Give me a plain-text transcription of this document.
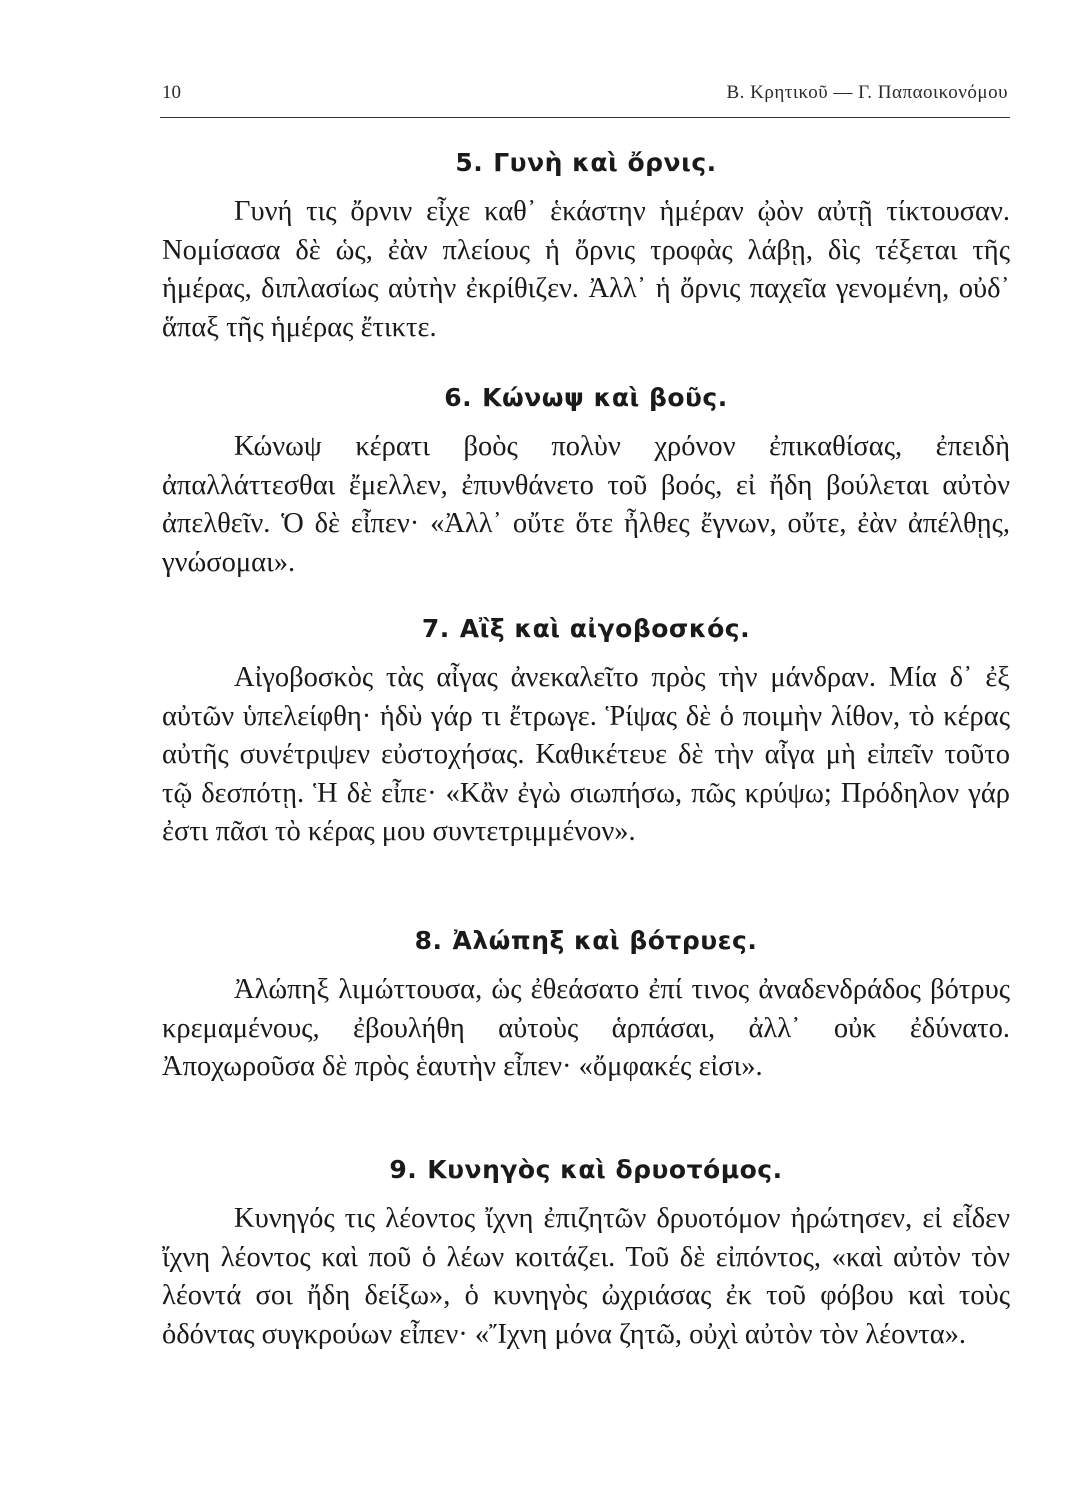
10	Β. Κρητικοῦ — Γ. Παπαοικονόμου
5. Γυνὴ καὶ ὄρνις.

Γυνή τις ὄρνιν εἶχε καθ᾽ ἑκάστην ἡμέραν ᾠὸν αὐτῇ τίκτουσαν. Νομίσασα δὲ ὡς, ἐὰν πλείους ἡ ὄρνις τροφὰς λάβῃ, δὶς τέξεται τῆς ἡμέρας, διπλασίως αὐτὴν ἐκρίθιζεν. Ἀλλ᾽ ἡ ὄρνις παχεῖα γενομένη, οὐδ᾽ ἅπαξ τῆς ἡμέρας ἔτικτε.

6. Κώνωψ καὶ βοῦς.

Κώνωψ κέρατι βοὸς πολὺν χρόνον ἐπικαθίσας, ἐπειδὴ ἀπαλλάττεσθαι ἔμελλεν, ἐπυνθάνετο τοῦ βοός, εἰ ἤδη βούλεται αὐτὸν ἀπελθεῖν. Ὁ δὲ εἶπεν· «Ἀλλ᾽ οὔτε ὅτε ἦλθες ἔγνων, οὔτε, ἐὰν ἀπέλθῃς, γνώσομαι».

7. Αἲξ καὶ αἰγοβοσκός.

Αἰγοβοσκὸς τὰς αἶγας ἀνεκαλεῖτο πρὸς τὴν μάνδραν. Μία δ᾽ ἐξ αὐτῶν ὑπελείφθη· ἡδὺ γάρ τι ἔτρωγε. Ῥίψας δὲ ὁ ποιμὴν λίθον, τὸ κέρας αὐτῆς συνέτριψεν εὐστοχήσας. Καθικέτευε δὲ τὴν αἶγα μὴ εἰπεῖν τοῦτο τῷ δεσπότῃ. Ἡ δὲ εἶπε· «Κἂν ἐγὼ σιωπήσω, πῶς κρύψω; Πρόδηλον γάρ ἐστι πᾶσι τὸ κέρας μου συντετριμμένον».

8. Ἀλώπηξ καὶ βότρυες.

Ἀλώπηξ λιμώττουσα, ὡς ἐθεάσατο ἐπί τινος ἀναδενδράδος βότρυς κρεμαμένους, ἐβουλήθη αὐτοὺς ἁρπάσαι, ἀλλ᾽ οὐκ ἐδύνατο. Ἀποχωροῦσα δὲ πρὸς ἑαυτὴν εἶπεν· «ὄμφακές εἰσι».

9. Κυνηγὸς καὶ δρυοτόμος.

Κυνηγός τις λέοντος ἴχνη ἐπιζητῶν δρυοτόμον ἠρώτησεν, εἰ εἶδεν ἴχνη λέοντος καὶ ποῦ ὁ λέων κοιτάζει. Τοῦ δὲ εἰπόντος, «καὶ αὐτὸν τὸν λέοντά σοι ἤδη δείξω», ὁ κυνηγὸς ὠχριάσας ἐκ τοῦ φόβου καὶ τοὺς ὀδόντας συγκρούων εἶπεν· «Ἴχνη μόνα ζητῶ, οὐχὶ αὐτὸν τὸν λέοντα».
